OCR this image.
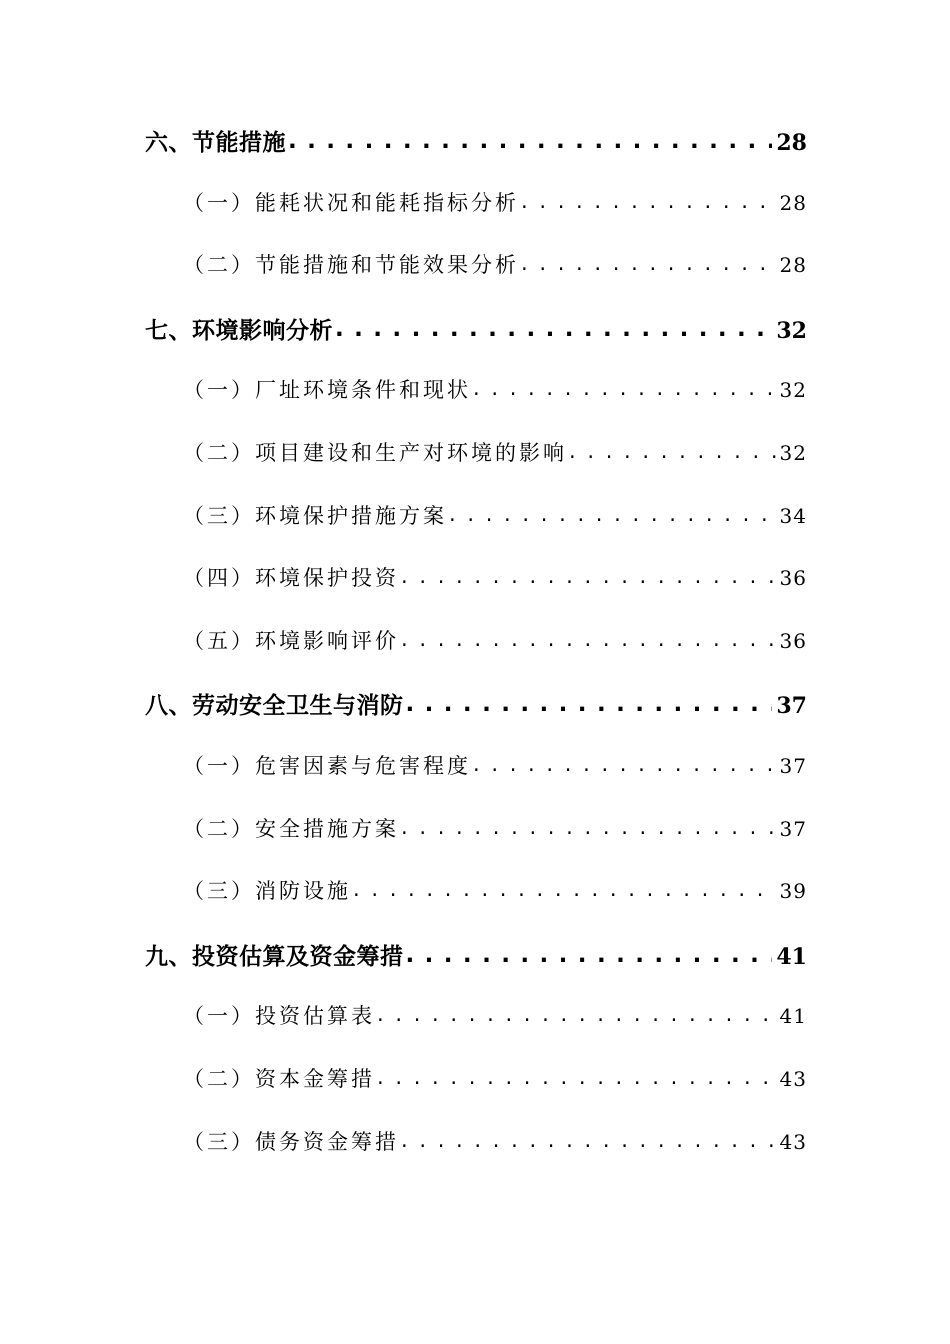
六、节能措施 . . .	28
（一）能耗状况和能耗指标分析 . . .	28
（二）节能措施和节能效果分析 . . .	28
七、环境影响分析 . . .	32
（一）厂址环境条件和现状 . . .	32
（二）项目建设和生产对环境的影响 . . .	32
（三）环境保护措施方案 . . .	34
（四）环境保护投资 . . .	36
（五）环境影响评价 . . .	36
八、劳动安全卫生与消防 . . .	37
（一）危害因素与危害程度 . . .	37
（二）安全措施方案 . . .	37
（三）消防设施 . . .	39
九、投资估算及资金筹措 . . .	41
（一）投资估算表 . . .	41
（二）资本金筹措 . . .	43
（三）债务资金筹措 . . .	43
